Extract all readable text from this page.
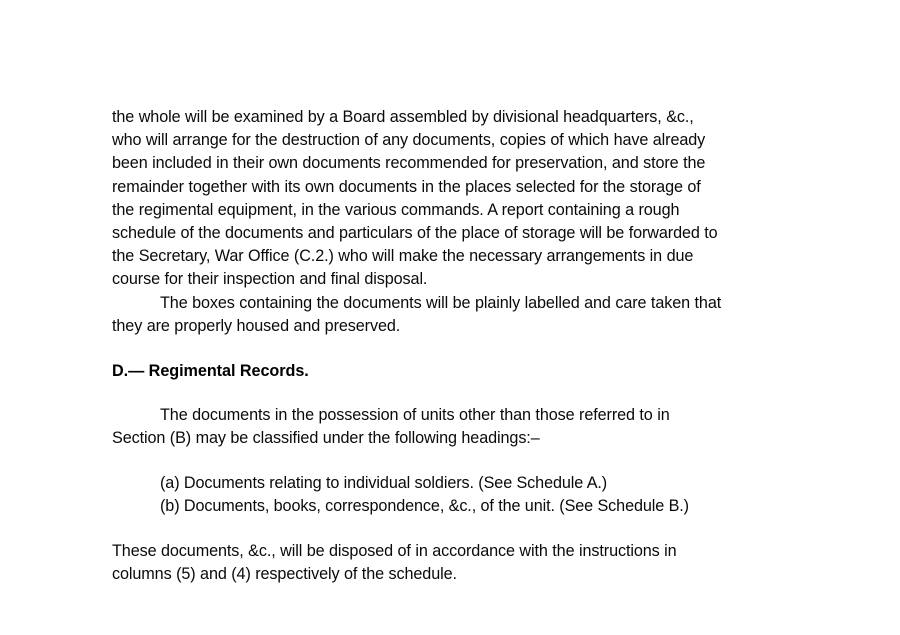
the whole will be examined by a Board assembled by divisional headquarters, &c., who will arrange for the destruction of any documents, copies of which have already been included in their own documents recommended for preservation, and store the remainder together with its own documents in the places selected for the storage of the regimental equipment, in the various commands. A report containing a rough schedule of the documents and particulars of the place of storage will be forwarded to the Secretary, War Office (C.2.) who will make the necessary arrangements in due course for their inspection and final disposal.

The boxes containing the documents will be plainly labelled and care taken that they are properly housed and preserved.

D.— Regimental Records.

The documents in the possession of units other than those referred to in Section (B) may be classified under the following headings:–

(a) Documents relating to individual soldiers. (See Schedule A.)
(b) Documents, books, correspondence, &c., of the unit. (See Schedule B.)

These documents, &c., will be disposed of in accordance with the instructions in columns (5) and (4) respectively of the schedule.
